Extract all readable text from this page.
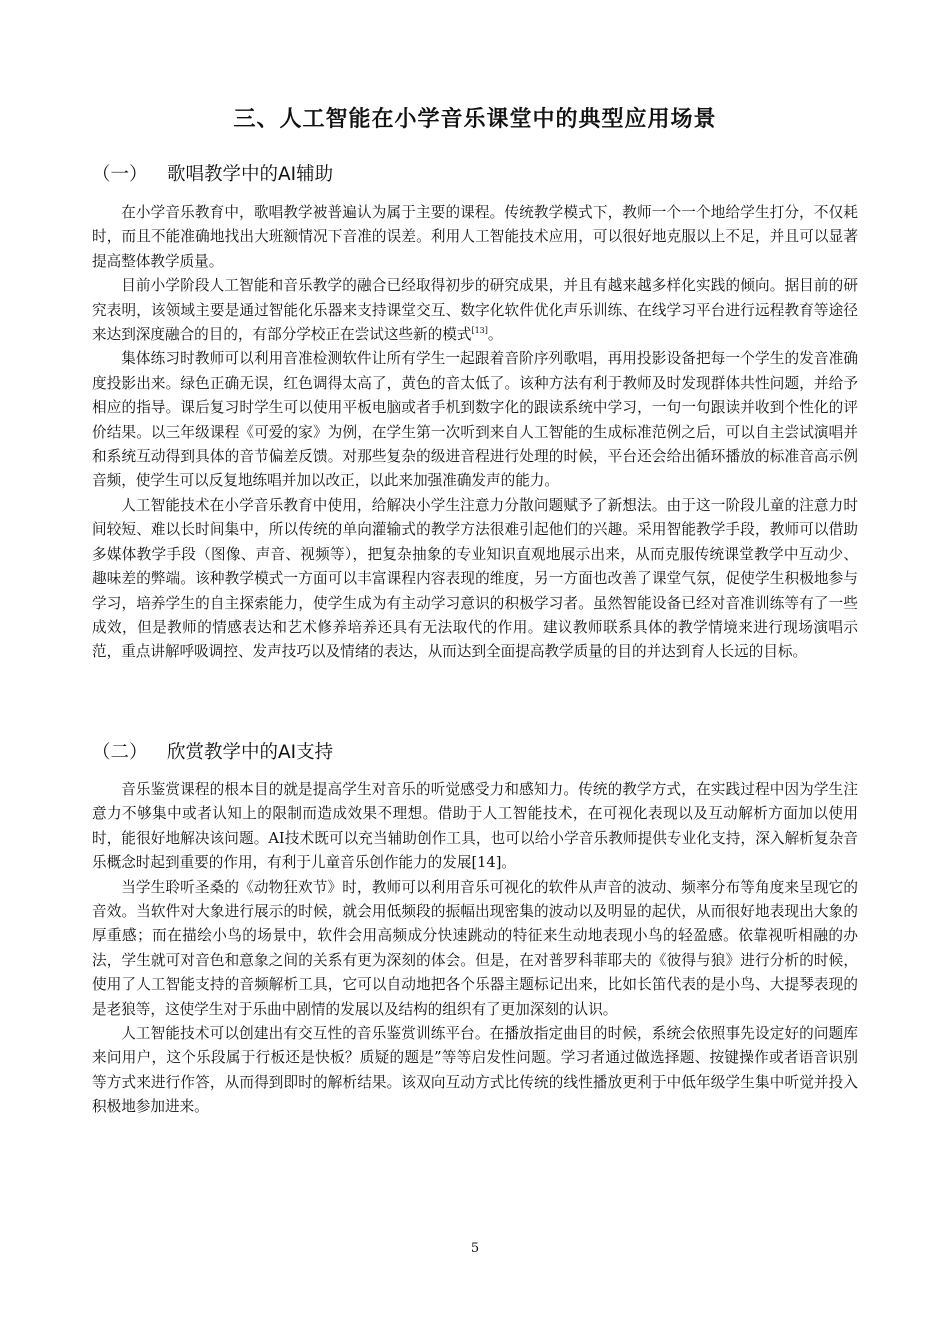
三、人工智能在小学音乐课堂中的典型应用场景
（一） 歌唱教学中的AI辅助

在小学音乐教育中，歌唱教学被普遍认为属于主要的课程。传统教学模式下，教师一个一个地给学生打分，不仅耗时，而且不能准确地找出大班额情况下音准的误差。利用人工智能技术应用，可以很好地克服以上不足，并且可以显著提高整体教学质量。

目前小学阶段人工智能和音乐教学的融合已经取得初步的研究成果，并且有越来越多样化实践的倾向。据目前的研究表明，该领域主要是通过智能化乐器来支持课堂交互、数字化软件优化声乐训练、在线学习平台进行远程教育等途径来达到深度融合的目的，有部分学校正在尝试这些新的模式[13]。

集体练习时教师可以利用音准检测软件让所有学生一起跟着音阶序列歌唱，再用投影设备把每一个学生的发音准确度投影出来。绿色正确无误，红色调得太高了，黄色的音太低了。该种方法有利于教师及时发现群体共性问题，并给予相应的指导。课后复习时学生可以使用平板电脑或者手机到数字化的跟读系统中学习，一句一句跟读并收到个性化的评价结果。以三年级课程《可爱的家》为例，在学生第一次听到来自人工智能的生成标准范例之后，可以自主尝试演唱并和系统互动得到具体的音节偏差反馈。对那些复杂的级进音程进行处理的时候，平台还会给出循环播放的标准音高示例音频，使学生可以反复地练唱并加以改正，以此来加强准确发声的能力。

人工智能技术在小学音乐教育中使用，给解决小学生注意力分散问题赋予了新想法。由于这一阶段儿童的注意力时间较短、难以长时间集中，所以传统的单向灌输式的教学方法很难引起他们的兴趣。采用智能教学手段，教师可以借助多媒体教学手段（图像、声音、视频等），把复杂抽象的专业知识直观地展示出来，从而克服传统课堂教学中互动少、趣味差的弊端。该种教学模式一方面可以丰富课程内容表现的维度，另一方面也改善了课堂气氛，促使学生积极地参与学习，培养学生的自主探索能力，使学生成为有主动学习意识的积极学习者。虽然智能设备已经对音准训练等有了一些成效，但是教师的情感表达和艺术修养培养还具有无法取代的作用。建议教师联系具体的教学情境来进行现场演唱示范，重点讲解呼吸调控、发声技巧以及情绪的表达，从而达到全面提高教学质量的目的并达到育人长远的目标。

（二） 欣赏教学中的AI支持

音乐鉴赏课程的根本目的就是提高学生对音乐的听觉感受力和感知力。传统的教学方式，在实践过程中因为学生注意力不够集中或者认知上的限制而造成效果不理想。借助于人工智能技术，在可视化表现以及互动解析方面加以使用时，能很好地解决该问题。AI技术既可以充当辅助创作工具，也可以给小学音乐教师提供专业化支持，深入解析复杂音乐概念时起到重要的作用，有利于儿童音乐创作能力的发展[14]。

当学生聆听圣桑的《动物狂欢节》时，教师可以利用音乐可视化的软件从声音的波动、频率分布等角度来呈现它的音效。当软件对大象进行展示的时候，就会用低频段的振幅出现密集的波动以及明显的起伏，从而很好地表现出大象的厚重感；而在描绘小鸟的场景中，软件会用高频成分快速跳动的特征来生动地表现小鸟的轻盈感。依靠视听相融的办法，学生就可对音色和意象之间的关系有更为深刻的体会。但是，在对普罗科菲耶夫的《彼得与狼》进行分析的时候，使用了人工智能支持的音频解析工具，它可以自动地把各个乐器主题标记出来，比如长笛代表的是小鸟、大提琴表现的是老狼等，这使学生对于乐曲中剧情的发展以及结构的组织有了更加深刻的认识。

人工智能技术可以创建出有交互性的音乐鉴赏训练平台。在播放指定曲目的时候，系统会依照事先设定好的问题库来问用户，这个乐段属于行板还是快板？质疑的题是”等等启发性问题。学习者通过做选择题、按键操作或者语音识别等方式来进行作答，从而得到即时的解析结果。该双向互动方式比传统的线性播放更利于中低年级学生集中听觉并投入积极地参加进来。

5
